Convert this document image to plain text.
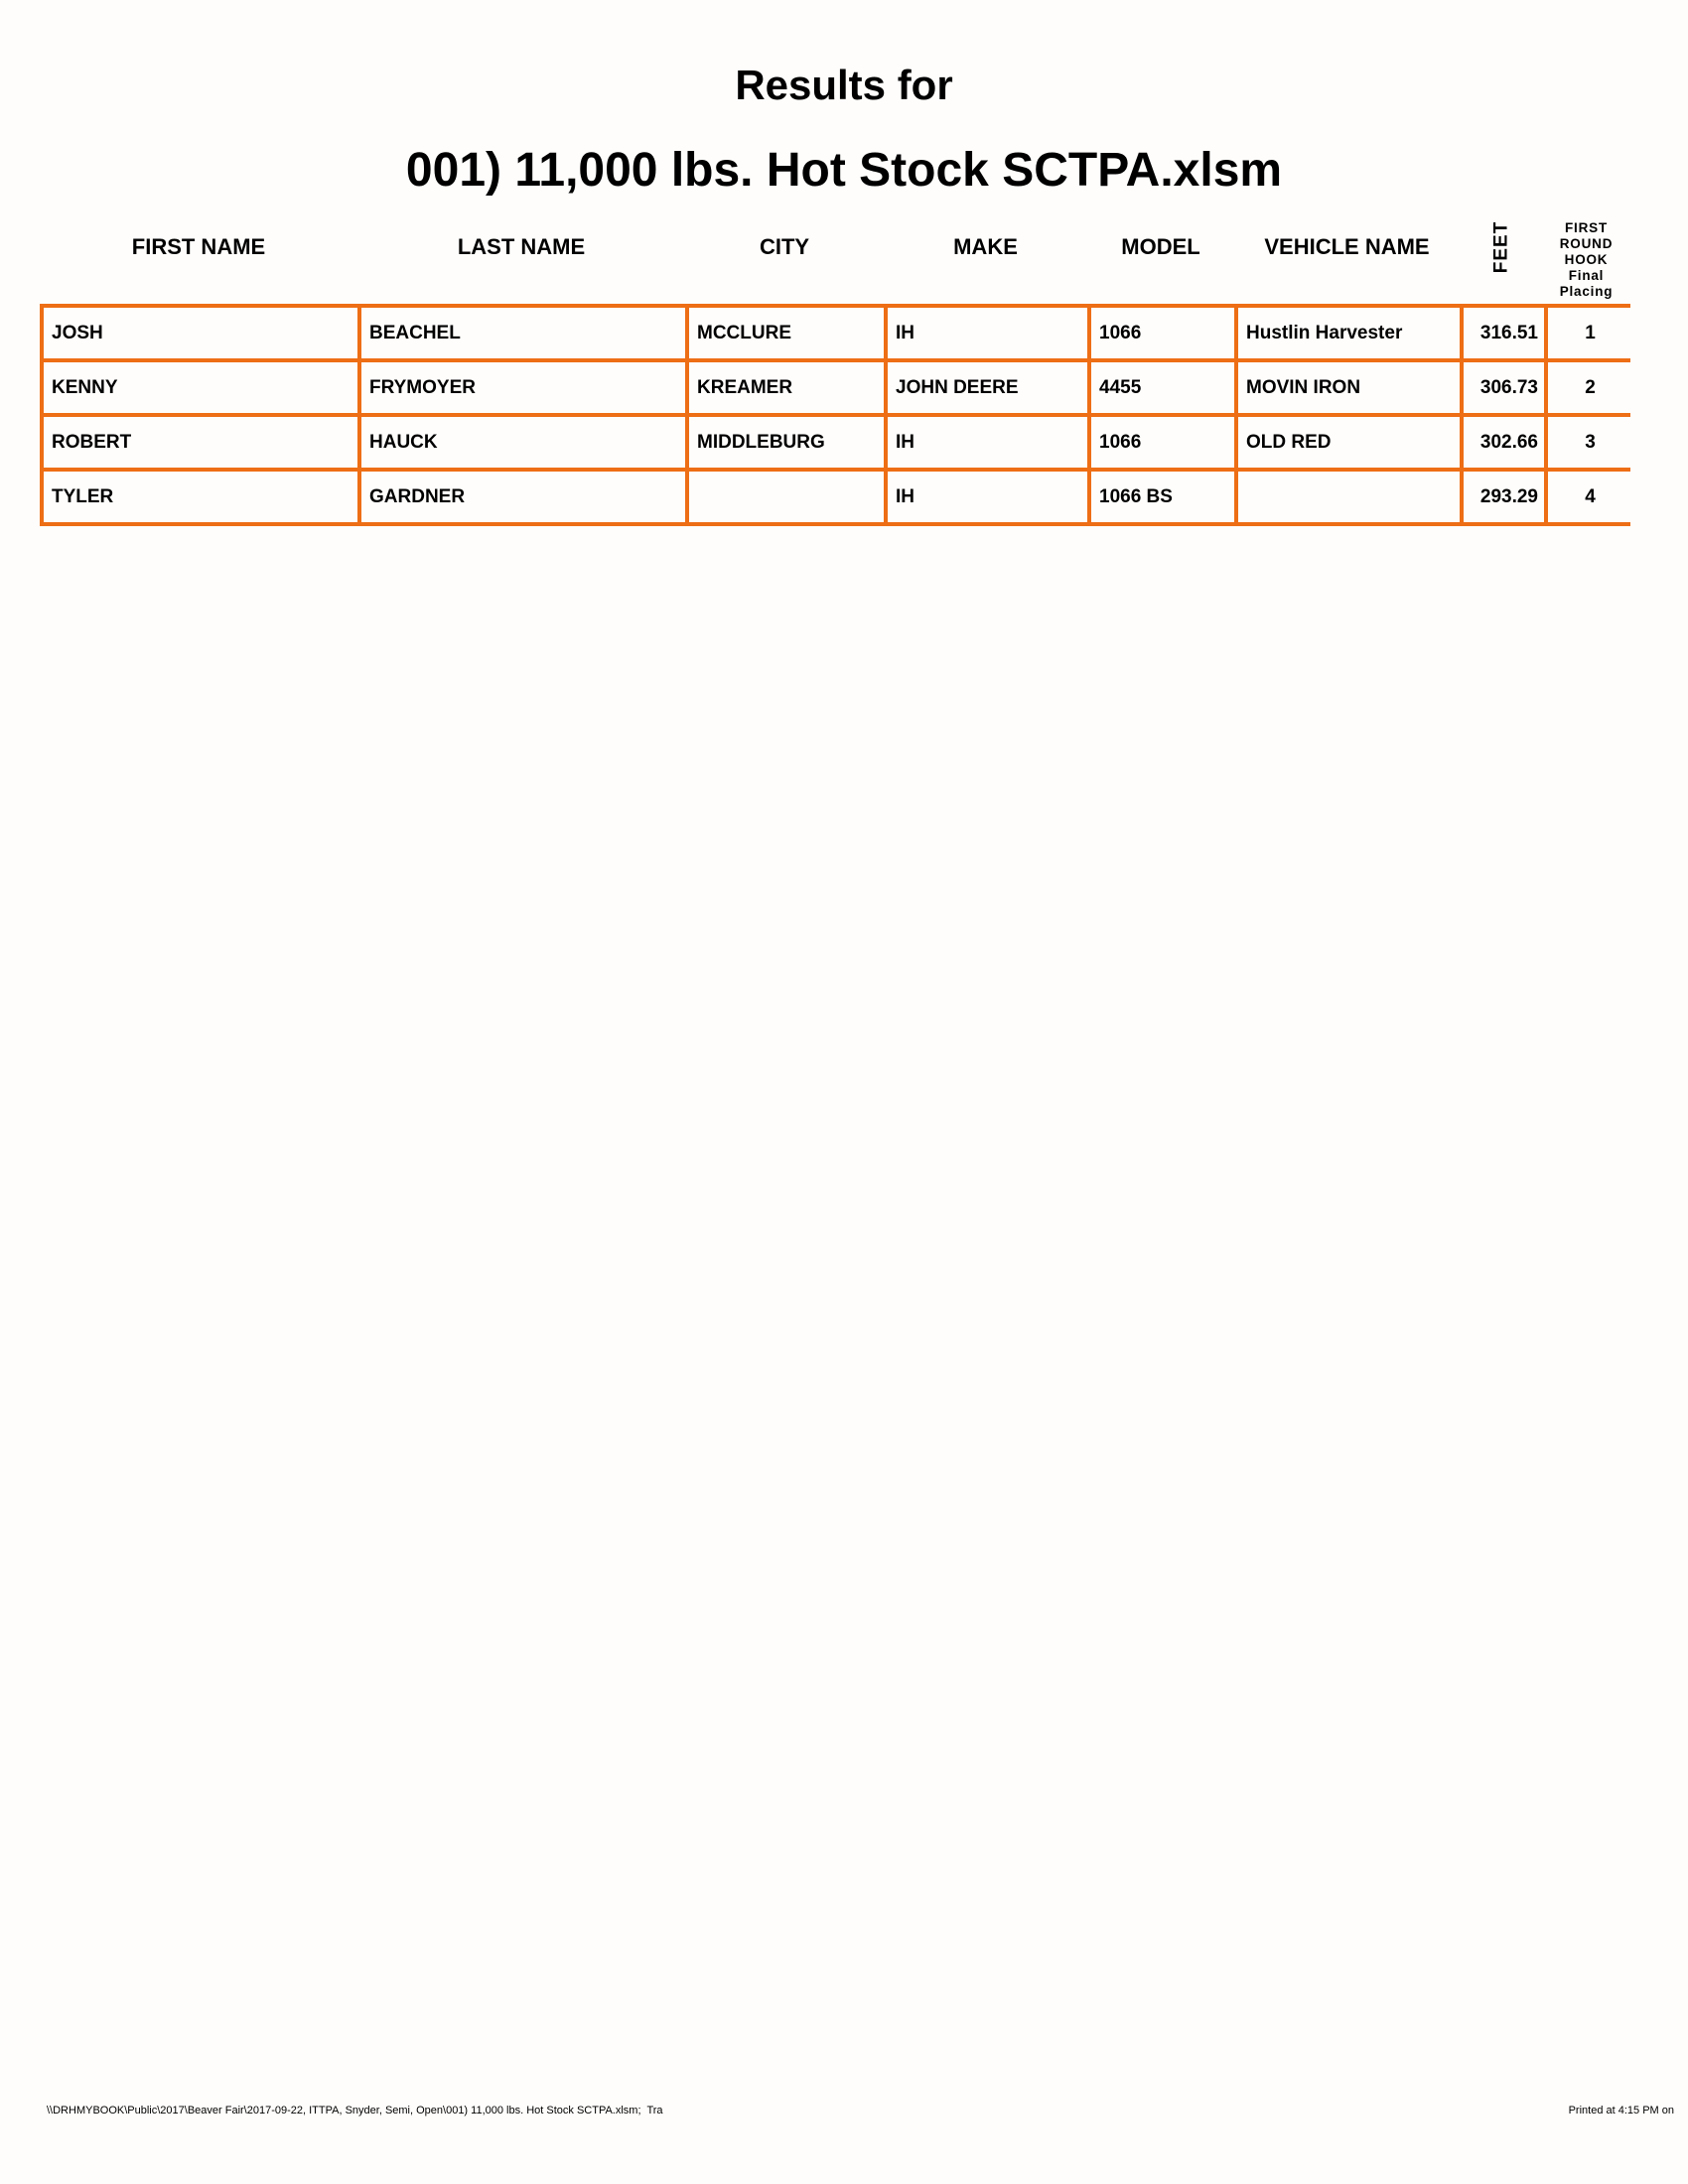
Results for
001) 11,000 lbs. Hot Stock SCTPA.xlsm
FIRST NAME	LAST NAME	CITY	MAKE	MODEL	VEHICLE NAME	FEET	FIRST
ROUND
HOOK
Final
Placing
JOSH	BEACHEL	MCCLURE	IH	1066	Hustlin Harvester	316.51	1
KENNY	FRYMOYER	KREAMER	JOHN DEERE	4455	MOVIN IRON	306.73	2
ROBERT	HAUCK	MIDDLEBURG	IH	1066	OLD RED	302.66	3
TYLER	GARDNER		IH	1066 BS		293.29	4
\\DRHMYBOOK\Public\2017\Beaver Fair\2017-09-22, ITTPA, Snyder, Semi, Open\001) 11,000 lbs. Hot Stock SCTPA.xlsm;  Tra	Printed at 4:15 PM on
